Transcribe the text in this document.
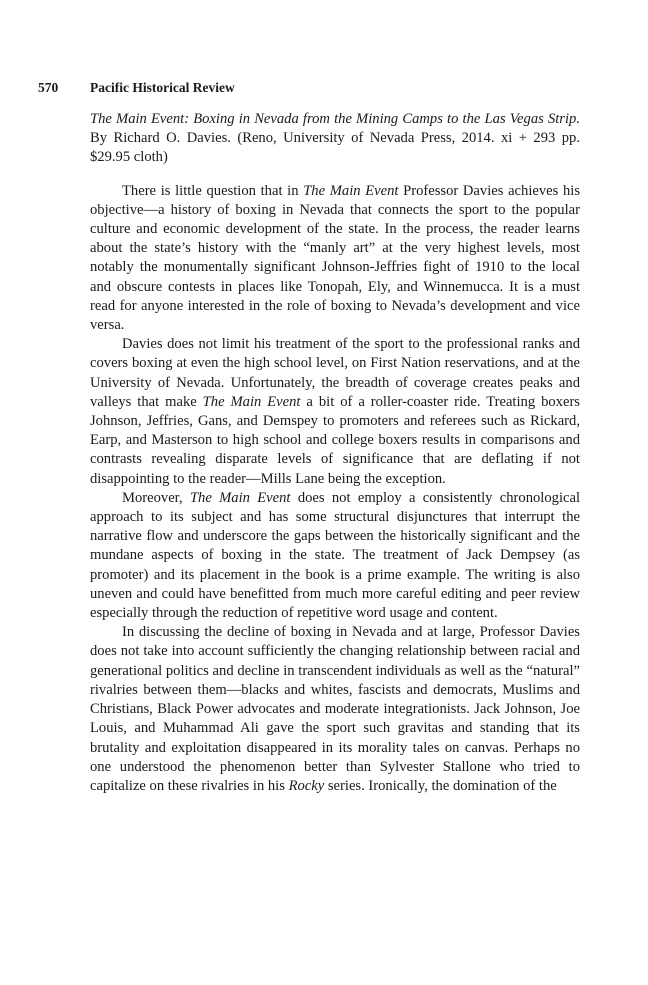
570 Pacific Historical Review

The Main Event: Boxing in Nevada from the Mining Camps to the Las Vegas Strip. By Richard O. Davies. (Reno, University of Nevada Press, 2014. xi + 293 pp. $29.95 cloth)

There is little question that in The Main Event Professor Davies achieves his objective—a history of boxing in Nevada that connects the sport to the popular culture and economic development of the state. In the process, the reader learns about the state’s history with the “manly art” at the very highest levels, most notably the monumentally significant Johnson-Jeffries fight of 1910 to the local and obscure contests in places like Tonopah, Ely, and Winnemucca. It is a must read for anyone interested in the role of boxing to Nevada’s development and vice versa.

Davies does not limit his treatment of the sport to the professional ranks and covers boxing at even the high school level, on First Nation reservations, and at the University of Nevada. Unfortunately, the breadth of coverage creates peaks and valleys that make The Main Event a bit of a roller-coaster ride. Treating boxers Johnson, Jeffries, Gans, and Demspey to promoters and referees such as Rickard, Earp, and Masterson to high school and college boxers results in comparisons and contrasts revealing disparate levels of significance that are deflating if not disappointing to the reader—Mills Lane being the exception.

Moreover, The Main Event does not employ a consistently chronological approach to its subject and has some structural disjunctures that interrupt the narrative flow and underscore the gaps between the historically significant and the mundane aspects of boxing in the state. The treatment of Jack Dempsey (as promoter) and its placement in the book is a prime example. The writing is also uneven and could have benefitted from much more careful editing and peer review especially through the reduction of repetitive word usage and content.

In discussing the decline of boxing in Nevada and at large, Professor Davies does not take into account sufficiently the changing relationship between racial and generational politics and decline in transcendent individuals as well as the “natural” rivalries between them—blacks and whites, fascists and democrats, Muslims and Christians, Black Power advocates and moderate integrationists. Jack Johnson, Joe Louis, and Muhammad Ali gave the sport such gravitas and standing that its brutality and exploitation disappeared in its morality tales on canvas. Perhaps no one understood the phenomenon better than Sylvester Stallone who tried to capitalize on these rivalries in his Rocky series. Ironically, the domination of the
